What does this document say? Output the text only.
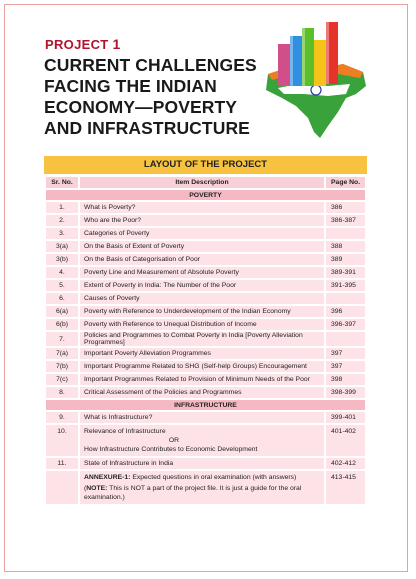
PROJECT 1
CURRENT CHALLENGES
FACING THE INDIAN
ECONOMY—POVERTY
AND INFRASTRUCTURE
LAYOUT OF THE PROJECT
Sr. No.	Item Description	Page No.
POVERTY		
1.	What is Poverty?	386
2.	Who are the Poor?	386-387
3.	Categories of Poverty	
3(a)	On the Basis of Extent of Poverty	388
3(b)	On the Basis of Categorisation of Poor	389
4.	Poverty Line and Measurement of Absolute Poverty	389-391
5.	Extent of Poverty in India: The Number of the Poor	391-395
6.	Causes of Poverty	
6(a)	Poverty with Reference to Underdevelopment of the Indian Economy	396
6(b)	Poverty with Reference to Unequal Distribution of Income	396-397
7.	Policies and Programmes to Combat Poverty in India [Poverty Alleviation Programmes]	
7(a)	Important Poverty Alleviation Programmes	397
7(b)	Important Programme Related to SHG (Self-help Groups) Encouragement	397
7(c)	Important Programmes Related to Provision of Minimum Needs of the Poor	398
8.	Critical Assessment of the Policies and Programmes	398-399
INFRASTRUCTURE		
9.	What is Infrastructure?	399-401
10.	Relevance of Infrastructure
OR
How Infrastructure Contributes to Economic Development	401-402
11.	State of Infrastructure in India	402-412

	ANNEXURE-1: Expected questions in oral examination (with answers)
(NOTE: This is NOT a part of the project file. It is just a guide for the oral examination.)	413-415
